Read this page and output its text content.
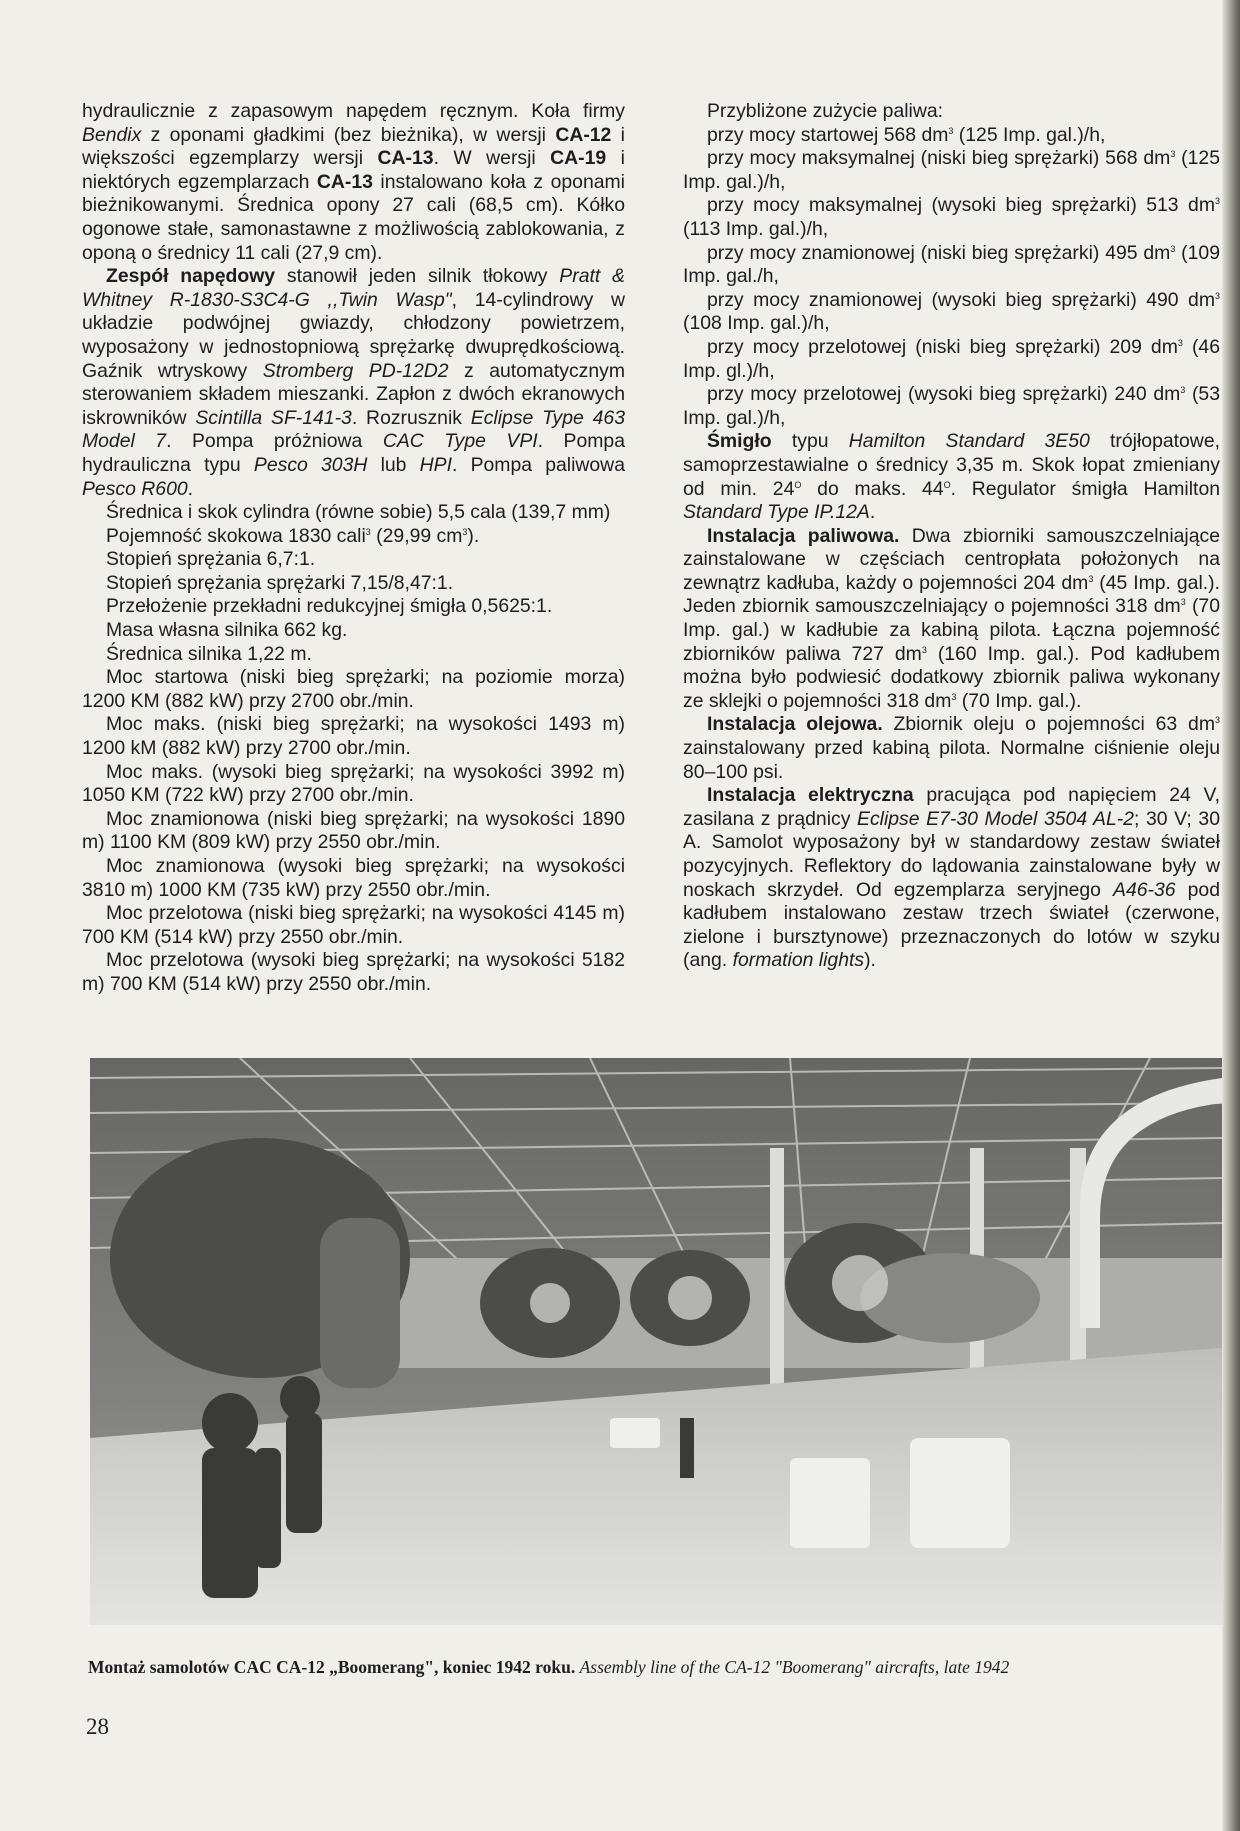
hydraulicznie z zapasowym napędem ręcznym. Koła firmy Bendix z oponami gładkimi (bez bieżnika), w wersji CA-12 i większości egzemplarzy wersji CA-13. W wersji CA-19 i niektórych egzemplarzach CA-13 instalowano koła z oponami bieżnikowanymi. Średnica opony 27 cali (68,5 cm). Kółko ogonowe stałe, samonastawne z możliwością zablokowania, z oponą o średnicy 11 cali (27,9 cm).

Zespół napędowy stanowił jeden silnik tłokowy Pratt & Whitney R-1830-S3C4-G ,,Twin Wasp", 14-cylindrowy w układzie podwójnej gwiazdy, chłodzony powietrzem, wyposażony w jednostopniową sprężarkę dwuprędkościową. Gaźnik wtryskowy Stromberg PD-12D2 z automatycznym sterowaniem składem mieszanki. Zapłon z dwóch ekranowych iskrowników Scintilla SF-141-3. Rozrusznik Eclipse Type 463 Model 7. Pompa próżniowa CAC Type VPI. Pompa hydrauliczna typu Pesco 303H lub HPI. Pompa paliwowa Pesco R600.

Średnica i skok cylindra (równe sobie) 5,5 cala (139,7 mm)

Pojemność skokowa 1830 cali$^3$ (29,99 $cm^3$).

Stopień sprężania 6,7:1.

Stopień sprężania sprężarki 7,15/8,47:1.

Przełożenie przekładni redukcyjnej śmigła 0,5625:1.

Masa własna silnika 662 kg.

Średnica silnika 1,22 m.

Moc startowa (niski bieg sprężarki; na poziomie morza) 1200 KM (882 kW) przy 2700 obr./min.

Moc maks. (niski bieg sprężarki; na wysokości 1493 m) 1200 kM (882 kW) przy 2700 obr./min.

Moc maks. (wysoki bieg sprężarki; na wysokości 3992 m) 1050 KM (722 kW) przy 2700 obr./min.

Moc znamionowa (niski bieg sprężarki; na wysokości 1890 m) 1100 KM (809 kW) przy 2550 obr./min.

Moc znamionowa (wysoki bieg sprężarki; na wysokości 3810 m) 1000 KM (735 kW) przy 2550 obr./min.

Moc przelotowa (niski bieg sprężarki; na wysokości 4145 m) 700 KM (514 kW) przy 2550 obr./min.

Moc przelotowa (wysoki bieg sprężarki; na wysokości 5182 m) 700 KM (514 kW) przy 2550 obr./min.

Przybliżone zużycie paliwa:

przy mocy startowej 568 $dm^3$ (125 Imp. gal.)/h,

przy mocy maksymalnej (niski bieg sprężarki) 568 $dm^3$ (125 Imp. gal.)/h,

przy mocy maksymalnej (wysoki bieg sprężarki) 513 $dm^3$ (113 Imp. gal.)/h,

przy mocy znamionowej (niski bieg sprężarki) 495 $dm^3$ (109 Imp. gal./h,

przy mocy znamionowej (wysoki bieg sprężarki) 490 $dm^3$ (108 Imp. gal.)/h,

przy mocy przelotowej (niski bieg sprężarki) 209 $dm^3$ (46 Imp. gl.)/h,

przy mocy przelotowej (wysoki bieg sprężarki) 240 $dm^3$ (53 Imp. gal.)/h,

Śmigło typu Hamilton Standard 3E50 trójłopatowe, samoprzestawialne o średnicy 3,35 m. Skok łopat zmieniany od min. $24^O$ do maks. $44^O$. Regulator śmigła Hamilton Standard Type IP.12A.

Instalacja paliwowa. Dwa zbiorniki samouszczelniające zainstalowane w częściach centropłata położonych na zewnątrz kadłuba, każdy o pojemności 204 $dm^3$ (45 Imp. gal.). Jeden zbiornik samouszczelniający o pojemności 318 $dm^3$ (70 Imp. gal.) w kadłubie za kabiną pilota. Łączna pojemność zbiorników paliwa 727 $dm^3$ (160 Imp. gal.). Pod kadłubem można było podwiesić dodatkowy zbiornik paliwa wykonany ze sklejki o pojemności 318 $dm^3$ (70 Imp. gal.).

Instalacja olejowa. Zbiornik oleju o pojemności 63 $dm^3$ zainstalowany przed kabiną pilota. Normalne ciśnienie oleju 80–100 psi.

Instalacja elektryczna pracująca pod napięciem 24 V, zasilana z prądnicy Eclipse E7-30 Model 3504 AL-2; 30 V; 30 A. Samolot wyposażony był w standardowy zestaw świateł pozycyjnych. Reflektory do lądowania zainstalowane były w noskach skrzydeł. Od egzemplarza seryjnego A46-36 pod kadłubem instalowano zestaw trzech świateł (czerwone, zielone i bursztynowe) przeznaczonych do lotów w szyku (ang. formation lights).

Montaż samolotów CAC CA-12 „Boomerang", koniec 1942 roku. Assembly line of the CA-12 "Boomerang" aircrafts, late 1942
28
